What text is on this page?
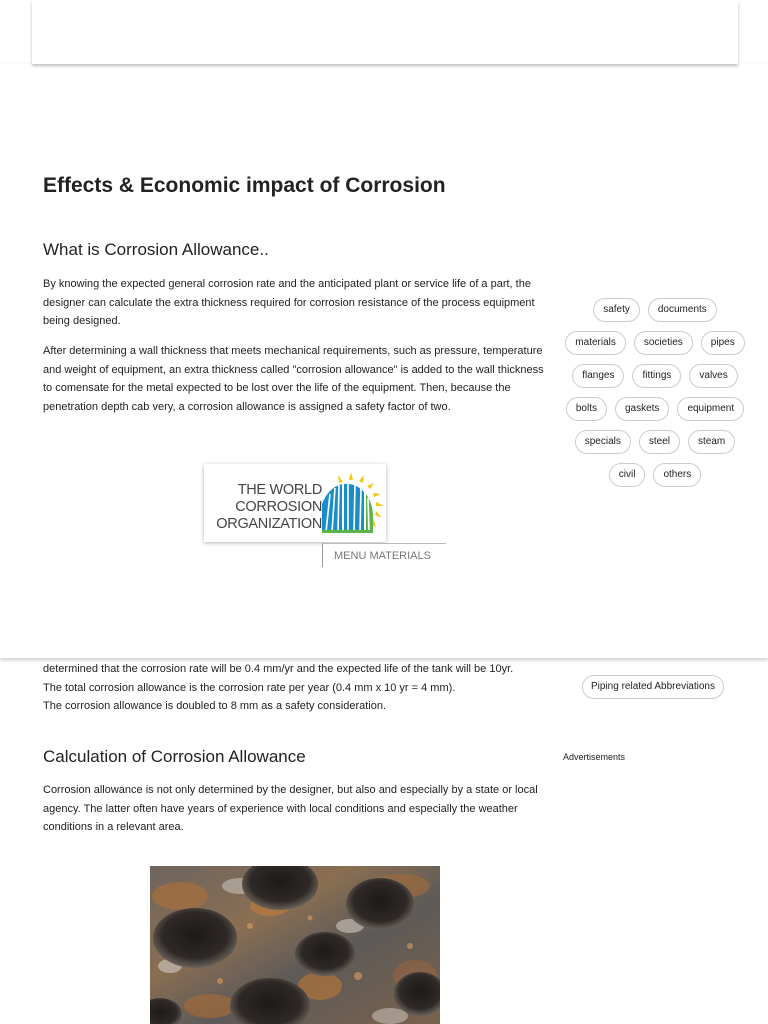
determined that the corrosion rate will be 0.4 mm/yr and the expected life of the tank will be 10yr.
The total corrosion allowance is the corrosion rate per year (0.4 mm x 10 yr = 4 mm).
The corrosion allowance is doubled to 8 mm as a safety consideration.

Effects & Economic impact of Corrosion
What is Corrosion Allowance..

By knowing the expected general corrosion rate and the anticipated plant or service life of a part, the designer can calculate the extra thickness required for corrosion resistance of the process equipment being designed.

After determining a wall thickness that meets mechanical requirements, such as pressure, temperature and weight of equipment, an extra thickness called "corrosion allowance" is added to the wall thickness to comensate for the metal expected to be lost over the life of the equipment. Then, because the penetration depth cab very, a corrosion allowance is assigned a safety factor of two.

THE WORLD
CORROSION
ORGANIZATION
MENU MATERIALS
safety	documents
materials	societies	pipes
flanges	fittings	valves
bolts	gaskets	equipment
specials	steel	steam
civil	others
Piping related Abbreviations
Calculation of Corrosion Allowance	Advertisements

Corrosion allowance is not only determined by the designer, but also and especially by a state or local agency. The latter often have years of experience with local conditions and especially the weather conditions in a relevant area.
